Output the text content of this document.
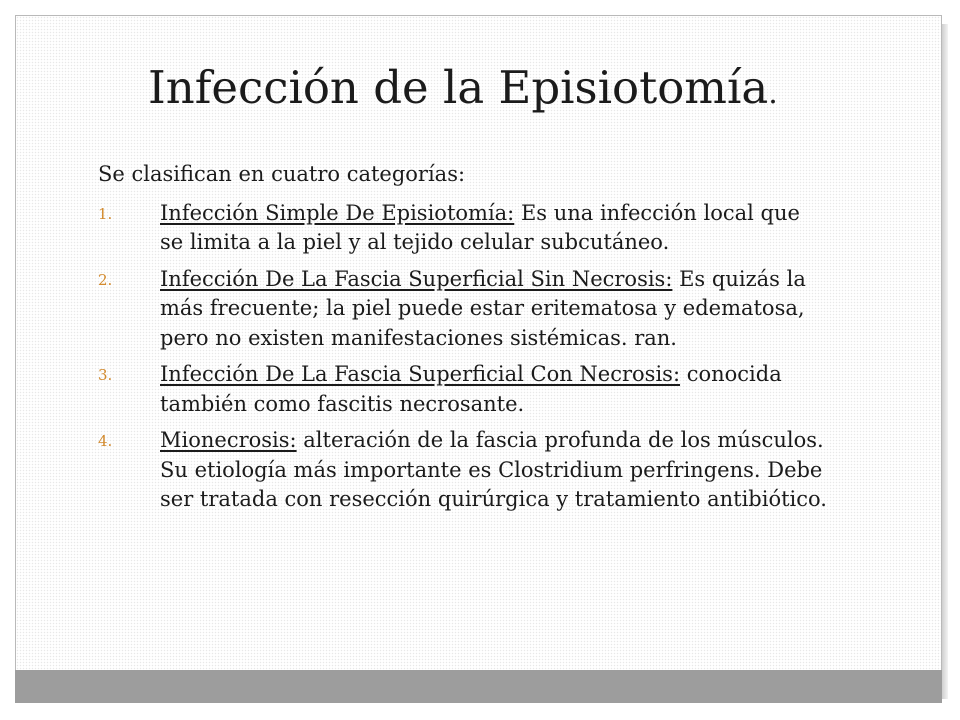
Infección de la Episiotomía.

Se clasifican en cuatro categorías:

1. Infección Simple De Episiotomía: Es una infección local que se limita a la piel y al tejido celular subcutáneo.
2. Infección De La Fascia Superficial Sin Necrosis: Es quizás la más frecuente; la piel puede estar eritematosa y edematosa, pero no existen manifestaciones sistémicas. ran.
3. Infección De La Fascia Superficial Con Necrosis: conocida también como fascitis necrosante.
4. Mionecrosis: alteración de la fascia profunda de los músculos. Su etiología más importante es Clostridium perfringens. Debe ser tratada con resección quirúrgica y tratamiento antibiótico.
